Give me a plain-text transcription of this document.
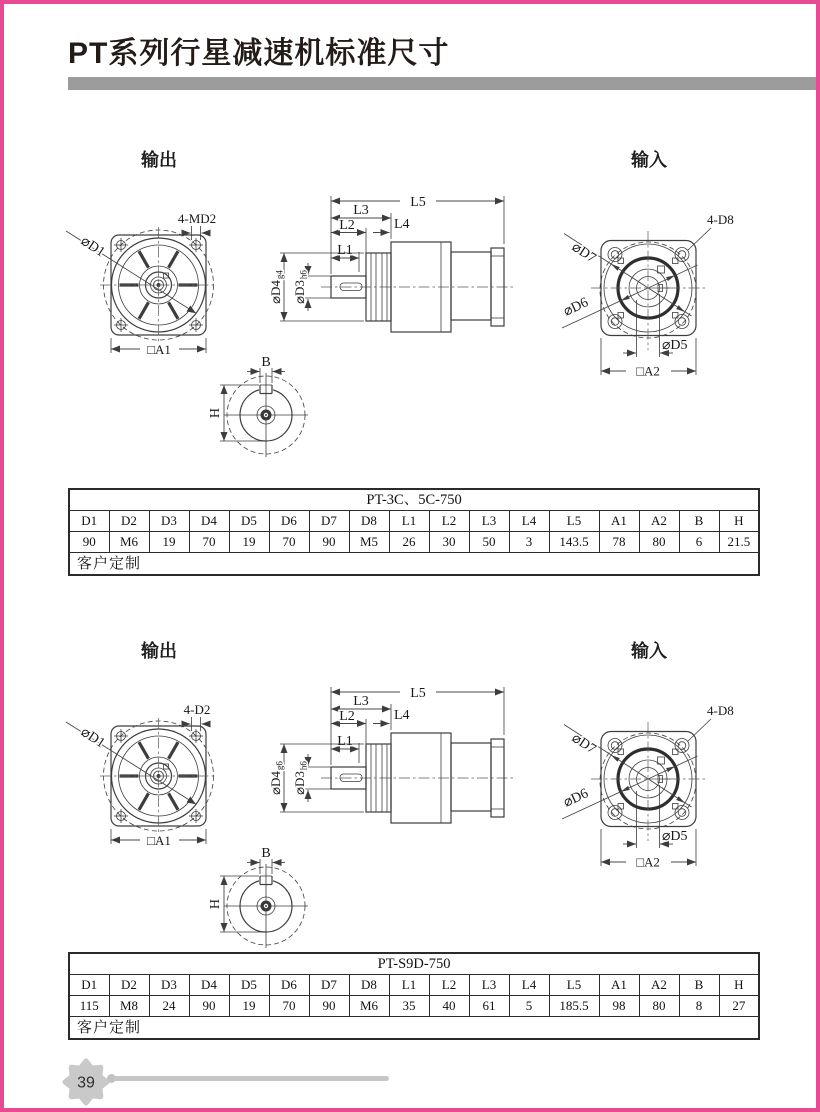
PT系列行星减速机标准尺寸
输出	输入
⌀D1
4-MD2
□A1
L5
L3
L2	L4
L1
⌀D4g4
⌀D3h6
B
H
⌀D7
⌀D6
⌀D5
□A2
4-D8
PT-3C、5C-750																
D1	D2	D3	D4	D5	D6	D7	D8	L1	L2	L3	L4	L5	A1	A2	B	H
90	M6	19	70	19	70	90	M5	26	30	50	3	143.5	78	80	6	21.5
客户定制																
输出	输入
⌀D1
4-D2
□A1
L5
L3
L2	L4
L1
⌀D4g6
⌀D3h6
B
H
⌀D7
⌀D6
⌀D5
□A2
4-D8
PT-S9D-750																
D1	D2	D3	D4	D5	D6	D7	D8	L1	L2	L3	L4	L5	A1	A2	B	H
115	M8	24	90	19	70	90	M6	35	40	61	5	185.5	98	80	8	27
客户定制																
39
